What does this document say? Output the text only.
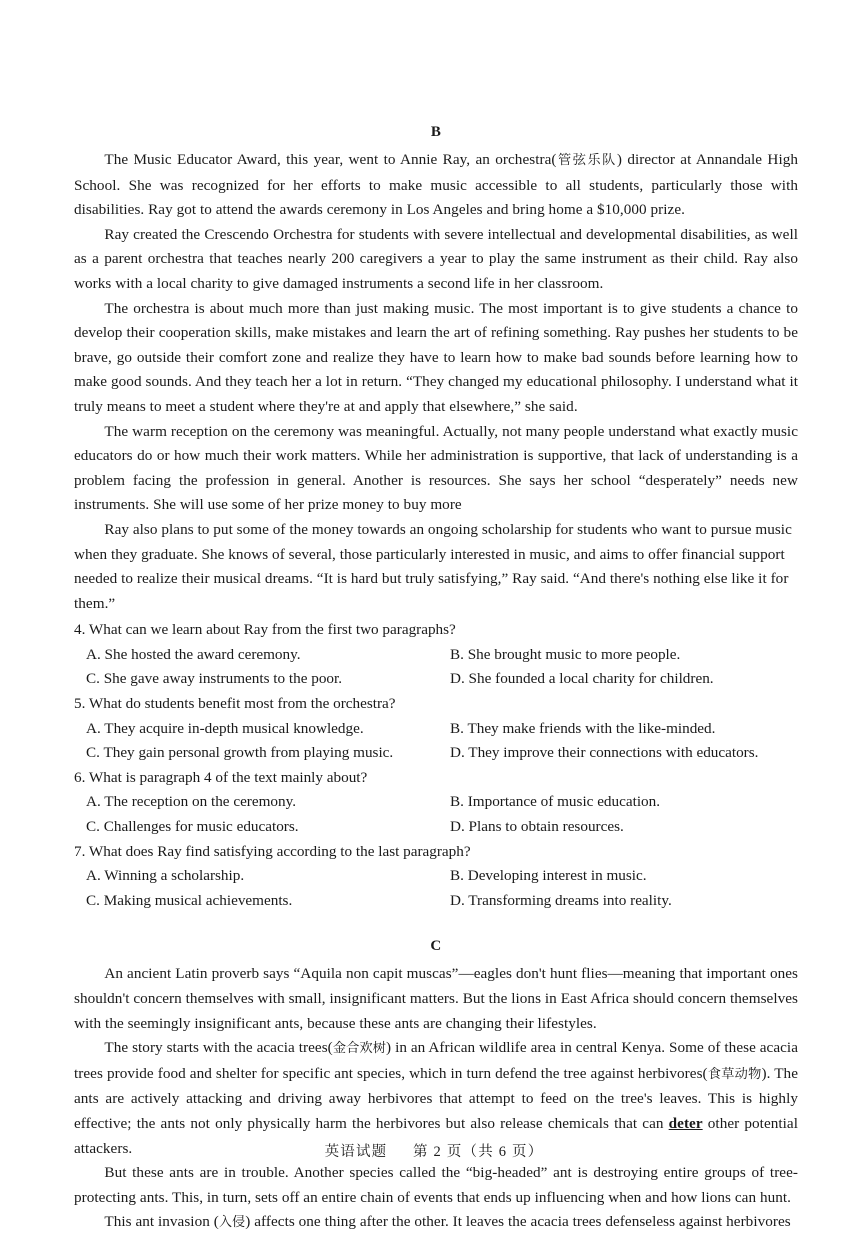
B

The Music Educator Award, this year, went to Annie Ray, an orchestra(管弦乐队) director at Annandale High School. She was recognized for her efforts to make music accessible to all students, particularly those with disabilities. Ray got to attend the awards ceremony in Los Angeles and bring home a $10,000 prize.

Ray created the Crescendo Orchestra for students with severe intellectual and developmental disabilities, as well as a parent orchestra that teaches nearly 200 caregivers a year to play the same instrument as their child. Ray also works with a local charity to give damaged instruments a second life in her classroom.

The orchestra is about much more than just making music. The most important is to give students a chance to develop their cooperation skills, make mistakes and learn the art of refining something. Ray pushes her students to be brave, go outside their comfort zone and realize they have to learn how to make bad sounds before learning how to make good sounds. And they teach her a lot in return. “They changed my educational philosophy. I understand what it truly means to meet a student where they're at and apply that elsewhere,” she said.

The warm reception on the ceremony was meaningful. Actually, not many people understand what exactly music educators do or how much their work matters. While her administration is supportive, that lack of understanding is a problem facing the profession in general. Another is resources. She says her school “desperately” needs new instruments. She will use some of her prize money to buy more

Ray also plans to put some of the money towards an ongoing scholarship for students who want to pursue music when they graduate. She knows of several, those particularly interested in music, and aims to offer financial support needed to realize their musical dreams. “It is hard but truly satisfying,” Ray said. “And there's nothing else like it for them.”

4. What can we learn about Ray from the first two paragraphs?

A. She hosted the award ceremony.	B. She brought music to more people.
C. She gave away instruments to the poor.	D. She founded a local charity for children.

5. What do students benefit most from the orchestra?

A. They acquire in-depth musical knowledge.	B. They make friends with the like-minded.
C. They gain personal growth from playing music.	D. They improve their connections with educators.

6. What is paragraph 4 of the text mainly about?

A. The reception on the ceremony.	B. Importance of music education.
C. Challenges for music educators.	D. Plans to obtain resources.

7. What does Ray find satisfying according to the last paragraph?

A. Winning a scholarship.	B. Developing interest in music.
C. Making musical achievements.	D. Transforming dreams into reality.
C

An ancient Latin proverb says “Aquila non capit muscas”—eagles don't hunt flies—meaning that important ones shouldn't concern themselves with small, insignificant matters. But the lions in East Africa should concern themselves with the seemingly insignificant ants, because these ants are changing their lifestyles.

The story starts with the acacia trees(金合欢树) in an African wildlife area in central Kenya. Some of these acacia trees provide food and shelter for specific ant species, which in turn defend the tree against herbivores(食草动物). The ants are actively attacking and driving away herbivores that attempt to feed on the tree's leaves. This is highly effective; the ants not only physically harm the herbivores but also release chemicals that can deter other potential attackers.

But these ants are in trouble. Another species called the “big-headed” ant is destroying entire groups of tree-protecting ants. This, in turn, sets off an entire chain of events that ends up influencing when and how lions can hunt.

This ant invasion (入侵) affects one thing after the other. It leaves the acacia trees defenseless against herbivores

英语试题 第 2 页（共 6 页）
